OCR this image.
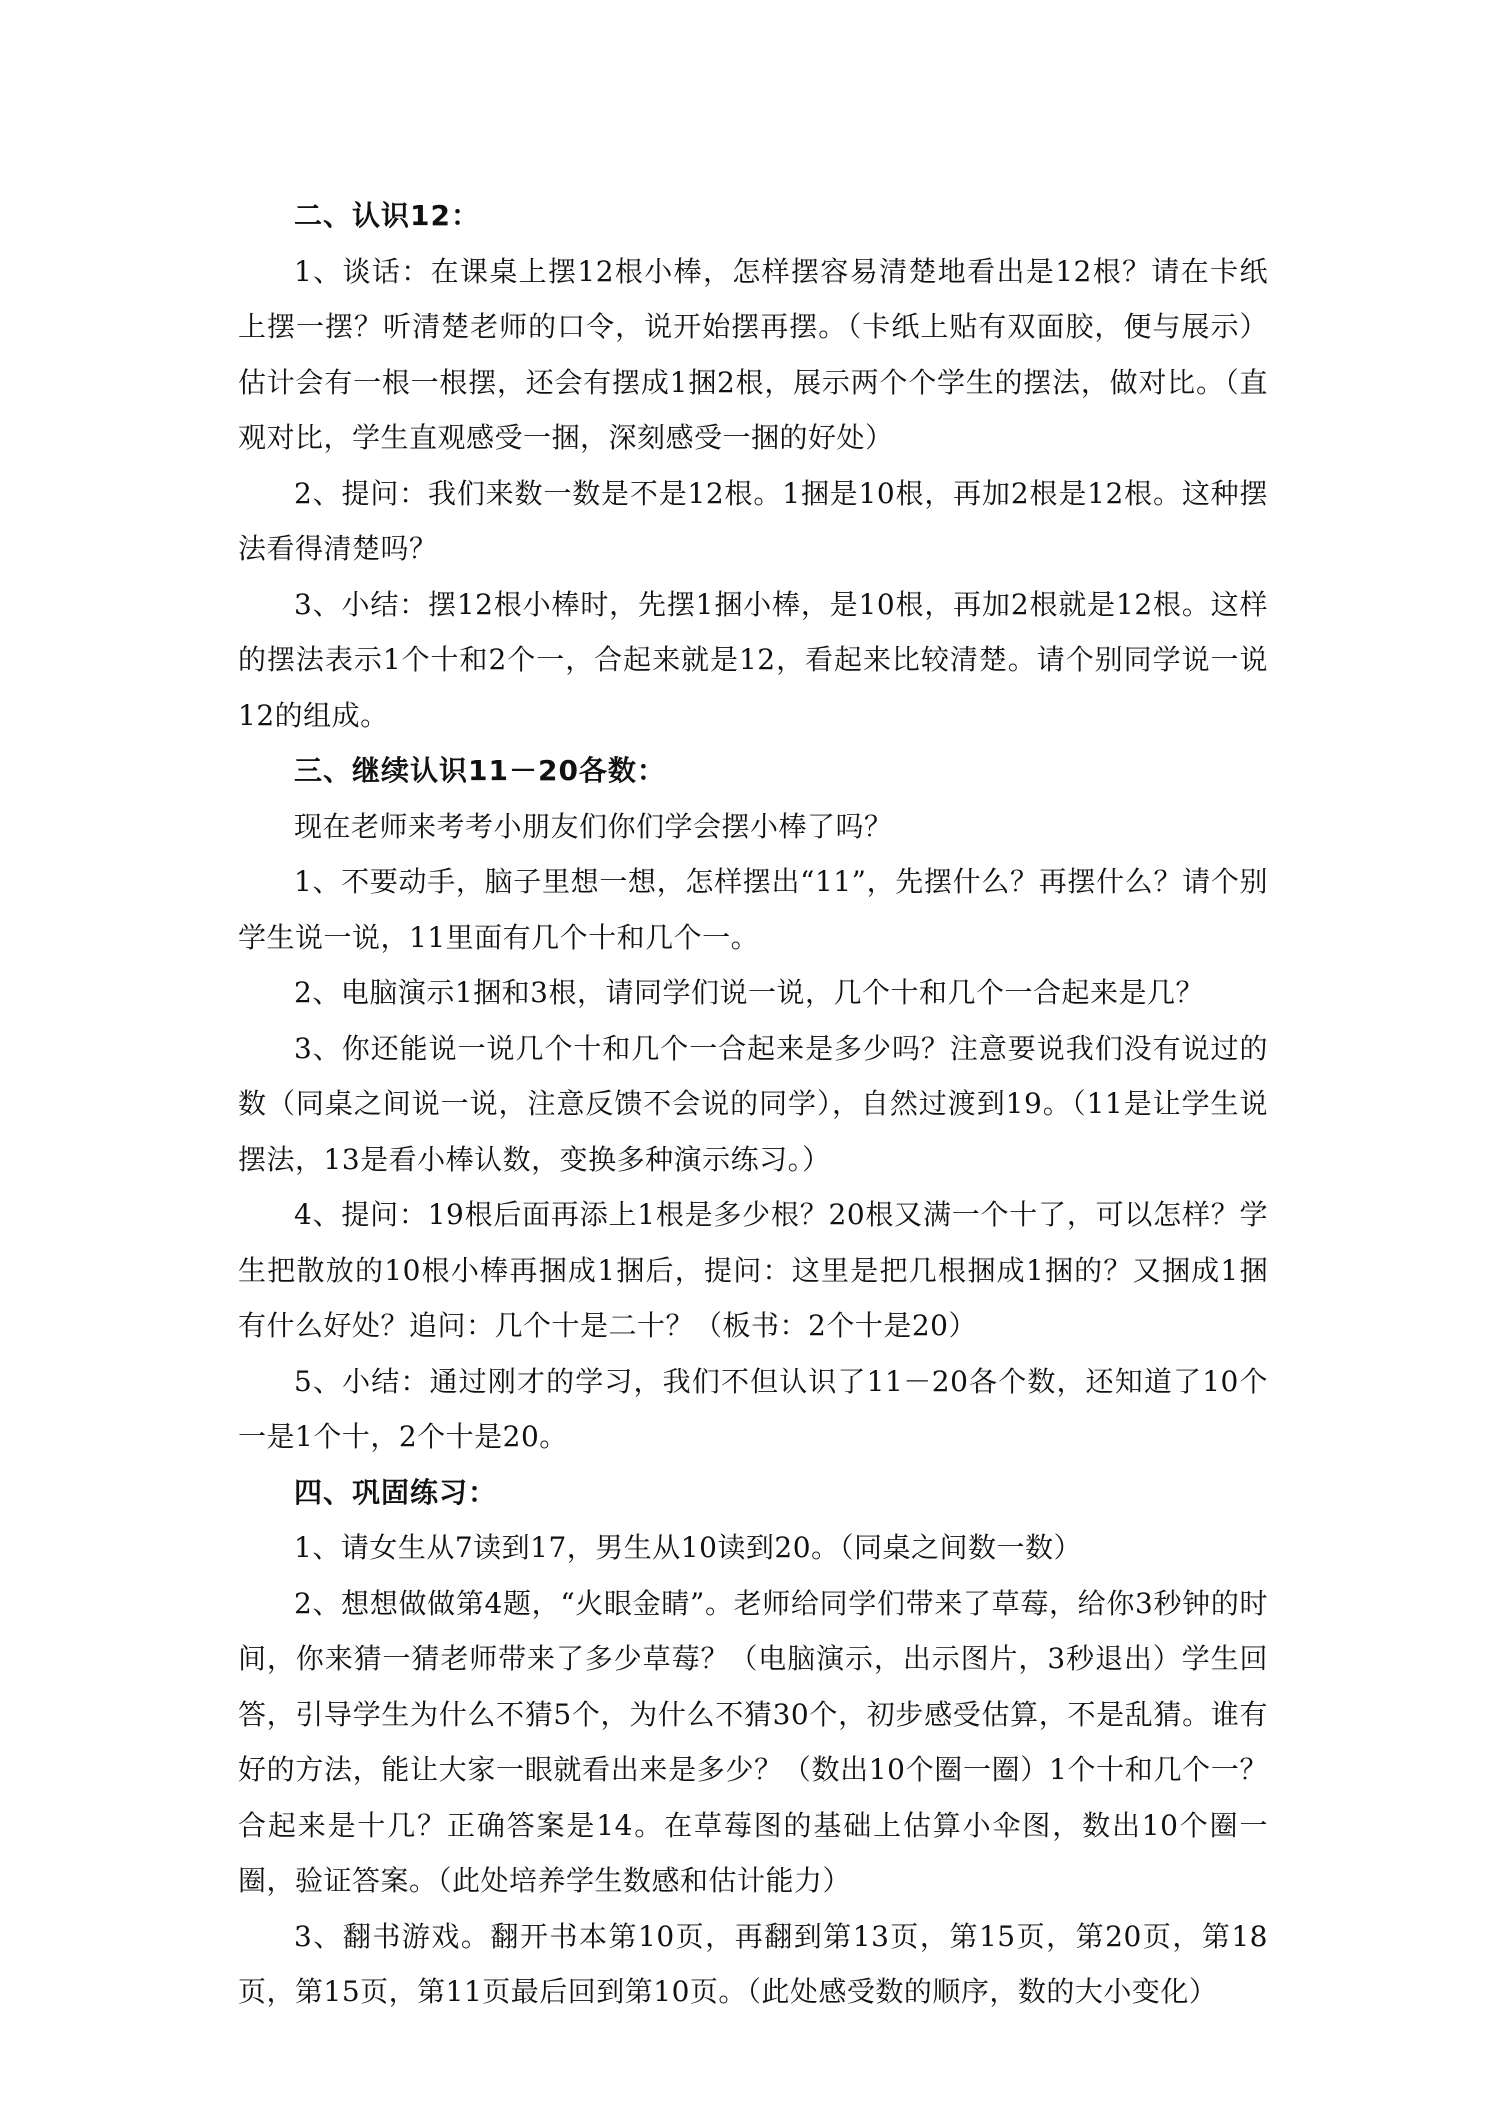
二、认识12：

1、谈话：在课桌上摆12根小棒，怎样摆容易清楚地看出是12根？请在卡纸上摆一摆？听清楚老师的口令，说开始摆再摆。（卡纸上贴有双面胶，便与展示）估计会有一根一根摆，还会有摆成1捆2根，展示两个个学生的摆法，做对比。（直观对比，学生直观感受一捆，深刻感受一捆的好处）

2、提问：我们来数一数是不是12根。1捆是10根，再加2根是12根。这种摆法看得清楚吗？

3、小结：摆12根小棒时，先摆1捆小棒，是10根，再加2根就是12根。这样的摆法表示1个十和2个一，合起来就是12，看起来比较清楚。请个别同学说一说12的组成。

三、继续认识11－20各数：

现在老师来考考小朋友们你们学会摆小棒了吗？

1、不要动手，脑子里想一想，怎样摆出“11”，先摆什么？再摆什么？请个别学生说一说，11里面有几个十和几个一。

2、电脑演示1捆和3根，请同学们说一说，几个十和几个一合起来是几？

3、你还能说一说几个十和几个一合起来是多少吗？注意要说我们没有说过的数（同桌之间说一说，注意反馈不会说的同学），自然过渡到19。（11是让学生说摆法，13是看小棒认数，变换多种演示练习。）

4、提问：19根后面再添上1根是多少根？20根又满一个十了，可以怎样？学生把散放的10根小棒再捆成1捆后，提问：这里是把几根捆成1捆的？又捆成1捆有什么好处？追问：几个十是二十？（板书：2个十是20）

5、小结：通过刚才的学习，我们不但认识了11－20各个数，还知道了10个一是1个十，2个十是20。

四、巩固练习：

1、请女生从7读到17，男生从10读到20。（同桌之间数一数）

2、想想做做第4题，“火眼金睛”。老师给同学们带来了草莓，给你3秒钟的时间，你来猜一猜老师带来了多少草莓？（电脑演示，出示图片，3秒退出）学生回答，引导学生为什么不猜5个，为什么不猜30个，初步感受估算，不是乱猜。谁有好的方法，能让大家一眼就看出来是多少？（数出10个圈一圈）1个十和几个一？合起来是十几？正确答案是14。在草莓图的基础上估算小伞图，数出10个圈一圈，验证答案。（此处培养学生数感和估计能力）

3、翻书游戏。翻开书本第10页，再翻到第13页，第15页，第20页，第18页，第15页，第11页最后回到第10页。（此处感受数的顺序，数的大小变化）
